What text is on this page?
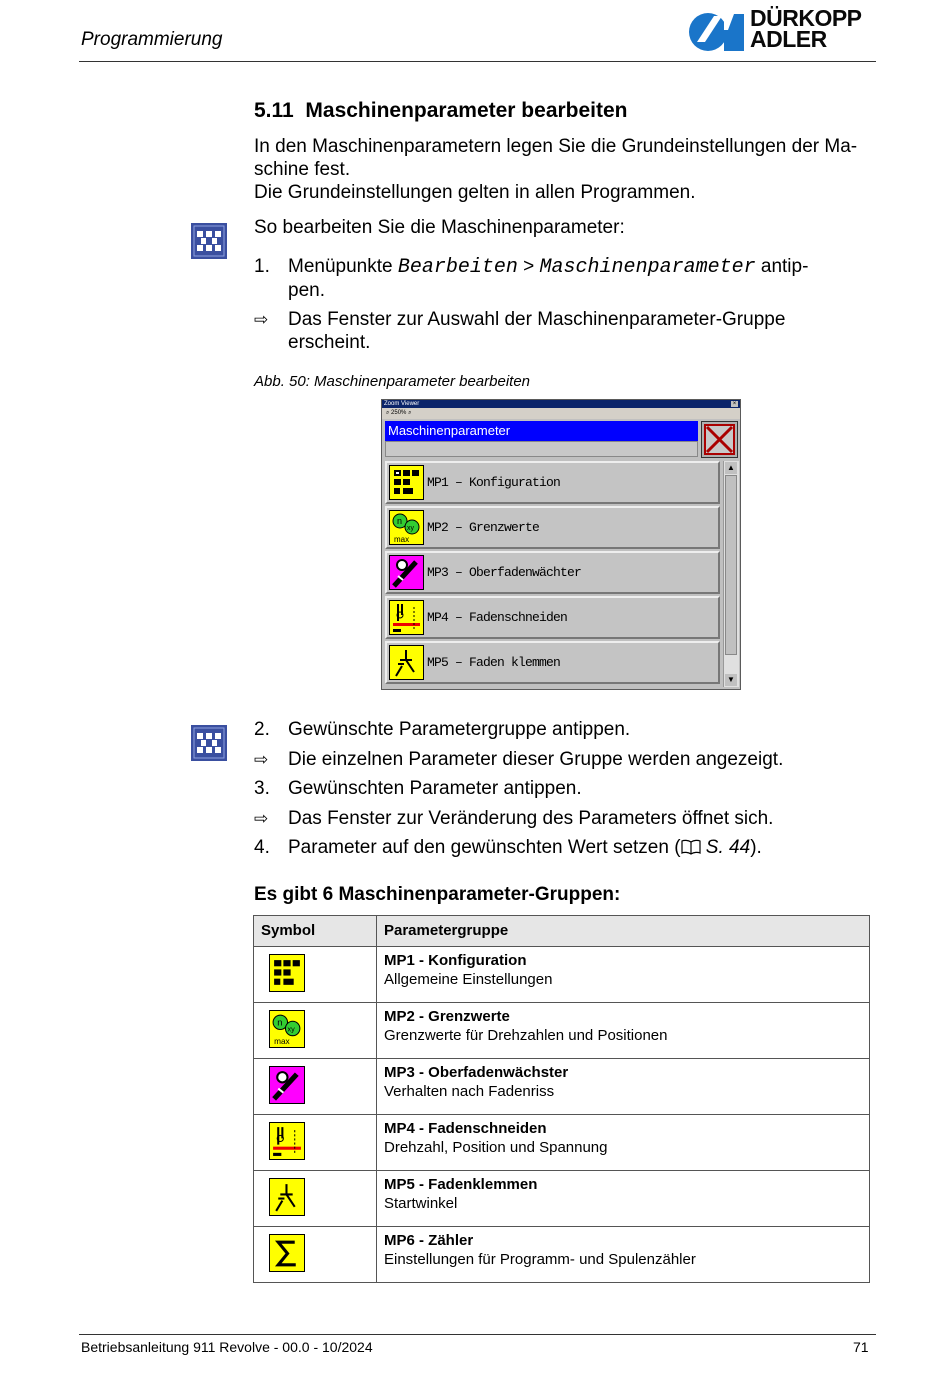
Programmierung
DÜRKOPP
ADLER
5.11 Maschinenparameter bearbeiten
In den Maschinenparametern legen Sie die Grundeinstellungen der Ma-
schine fest.
Die Grundeinstellungen gelten in allen Programmen.
So bearbeiten Sie die Maschinenparameter:
1. Menüpunkte Bearbeiten > Maschinenparameter antip-
pen.
⇨ Das Fenster zur Auswahl der Maschinenparameter-Gruppe
erscheint.
Abb. 50: Maschinenparameter bearbeiten
Zoom Viewer	×
⌕ 250% ⌕
Maschinenparameter
MP1 – Konfiguration
n
xy
max
MP2 – Grenzwerte
MP3 – Oberfadenwächter
MP4 – Fadenschneiden
MP5 – Faden klemmen
▲
▼
2. Gewünschte Parametergruppe antippen.
⇨ Die einzelnen Parameter dieser Gruppe werden angezeigt.
3. Gewünschten Parameter antippen.
⇨ Das Fenster zur Veränderung des Parameters öffnet sich.
4. Parameter auf den gewünschten Wert setzen (
S. 44).
Es gibt 6 Maschinenparameter-Gruppen:
Symbol	Parametergruppe

	MP1 - Konfiguration
Allgemeine Einstellungen

n
xy
max	MP2 - Grenzwerte
Grenzwerte für Drehzahlen und Positionen

	MP3 - Oberfadenwächster
Verhalten nach Fadenriss

	MP4 - Fadenschneiden
Drehzahl, Position und Spannung

	MP5 - Fadenklemmen
Startwinkel

	MP6 - Zähler
Einstellungen für Programm- und Spulenzähler
Betriebsanleitung 911 Revolve - 00.0 - 10/2024	71
